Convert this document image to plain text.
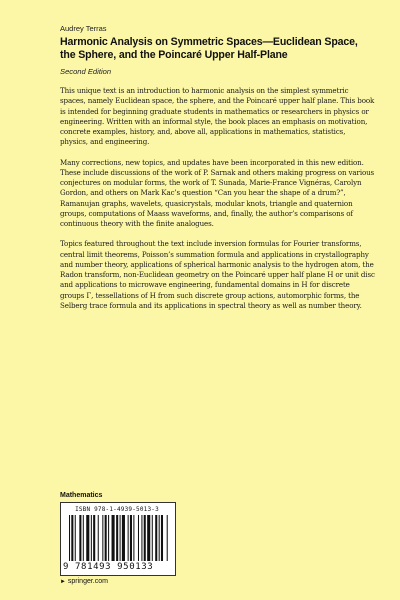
Audrey Terras
Harmonic Analysis on Symmetric Spaces—Euclidean Space,
the Sphere, and the Poincaré Upper Half-Plane
Second Edition

This unique text is an introduction to harmonic analysis on the simplest symmetric spaces, namely Euclidean space, the sphere, and the Poincaré upper half plane. This book is intended for beginning graduate students in mathematics or researchers in physics or engineering. Written with an informal style, the book places an emphasis on motivation, concrete examples, history, and, above all, applications in mathematics, statistics, physics, and engineering.

Many corrections, new topics, and updates have been incorporated in this new edition. These include discussions of the work of P. Sarnak and others making progress on various conjectures on modular forms, the work of T. Sunada, Marie-France Vignéras, Carolyn Gordon, and others on Mark Kac’s question “Can you hear the shape of a drum?”, Ramanujan graphs, wavelets, quasicrystals, modular knots, triangle and quaternion groups, computations of Maass waveforms, and, finally, the author’s comparisons of continuous theory with the finite analogues.

Topics featured throughout the text include inversion formulas for Fourier transforms, central limit theorems, Poisson’s summation formula and applications in crystallography and number theory, applications of spherical harmonic analysis to the hydrogen atom, the Radon transform, non-Euclidean geometry on the Poincaré upper half plane H or unit disc and applications to microwave engineering, fundamental domains in H for discrete groups Γ, tessellations of H from such discrete group actions, automorphic forms, the Selberg trace formula and its applications in spectral theory as well as number theory.

Mathematics
ISBN 978-1-4939-5013-3
9 781493 950133
► springer.com
